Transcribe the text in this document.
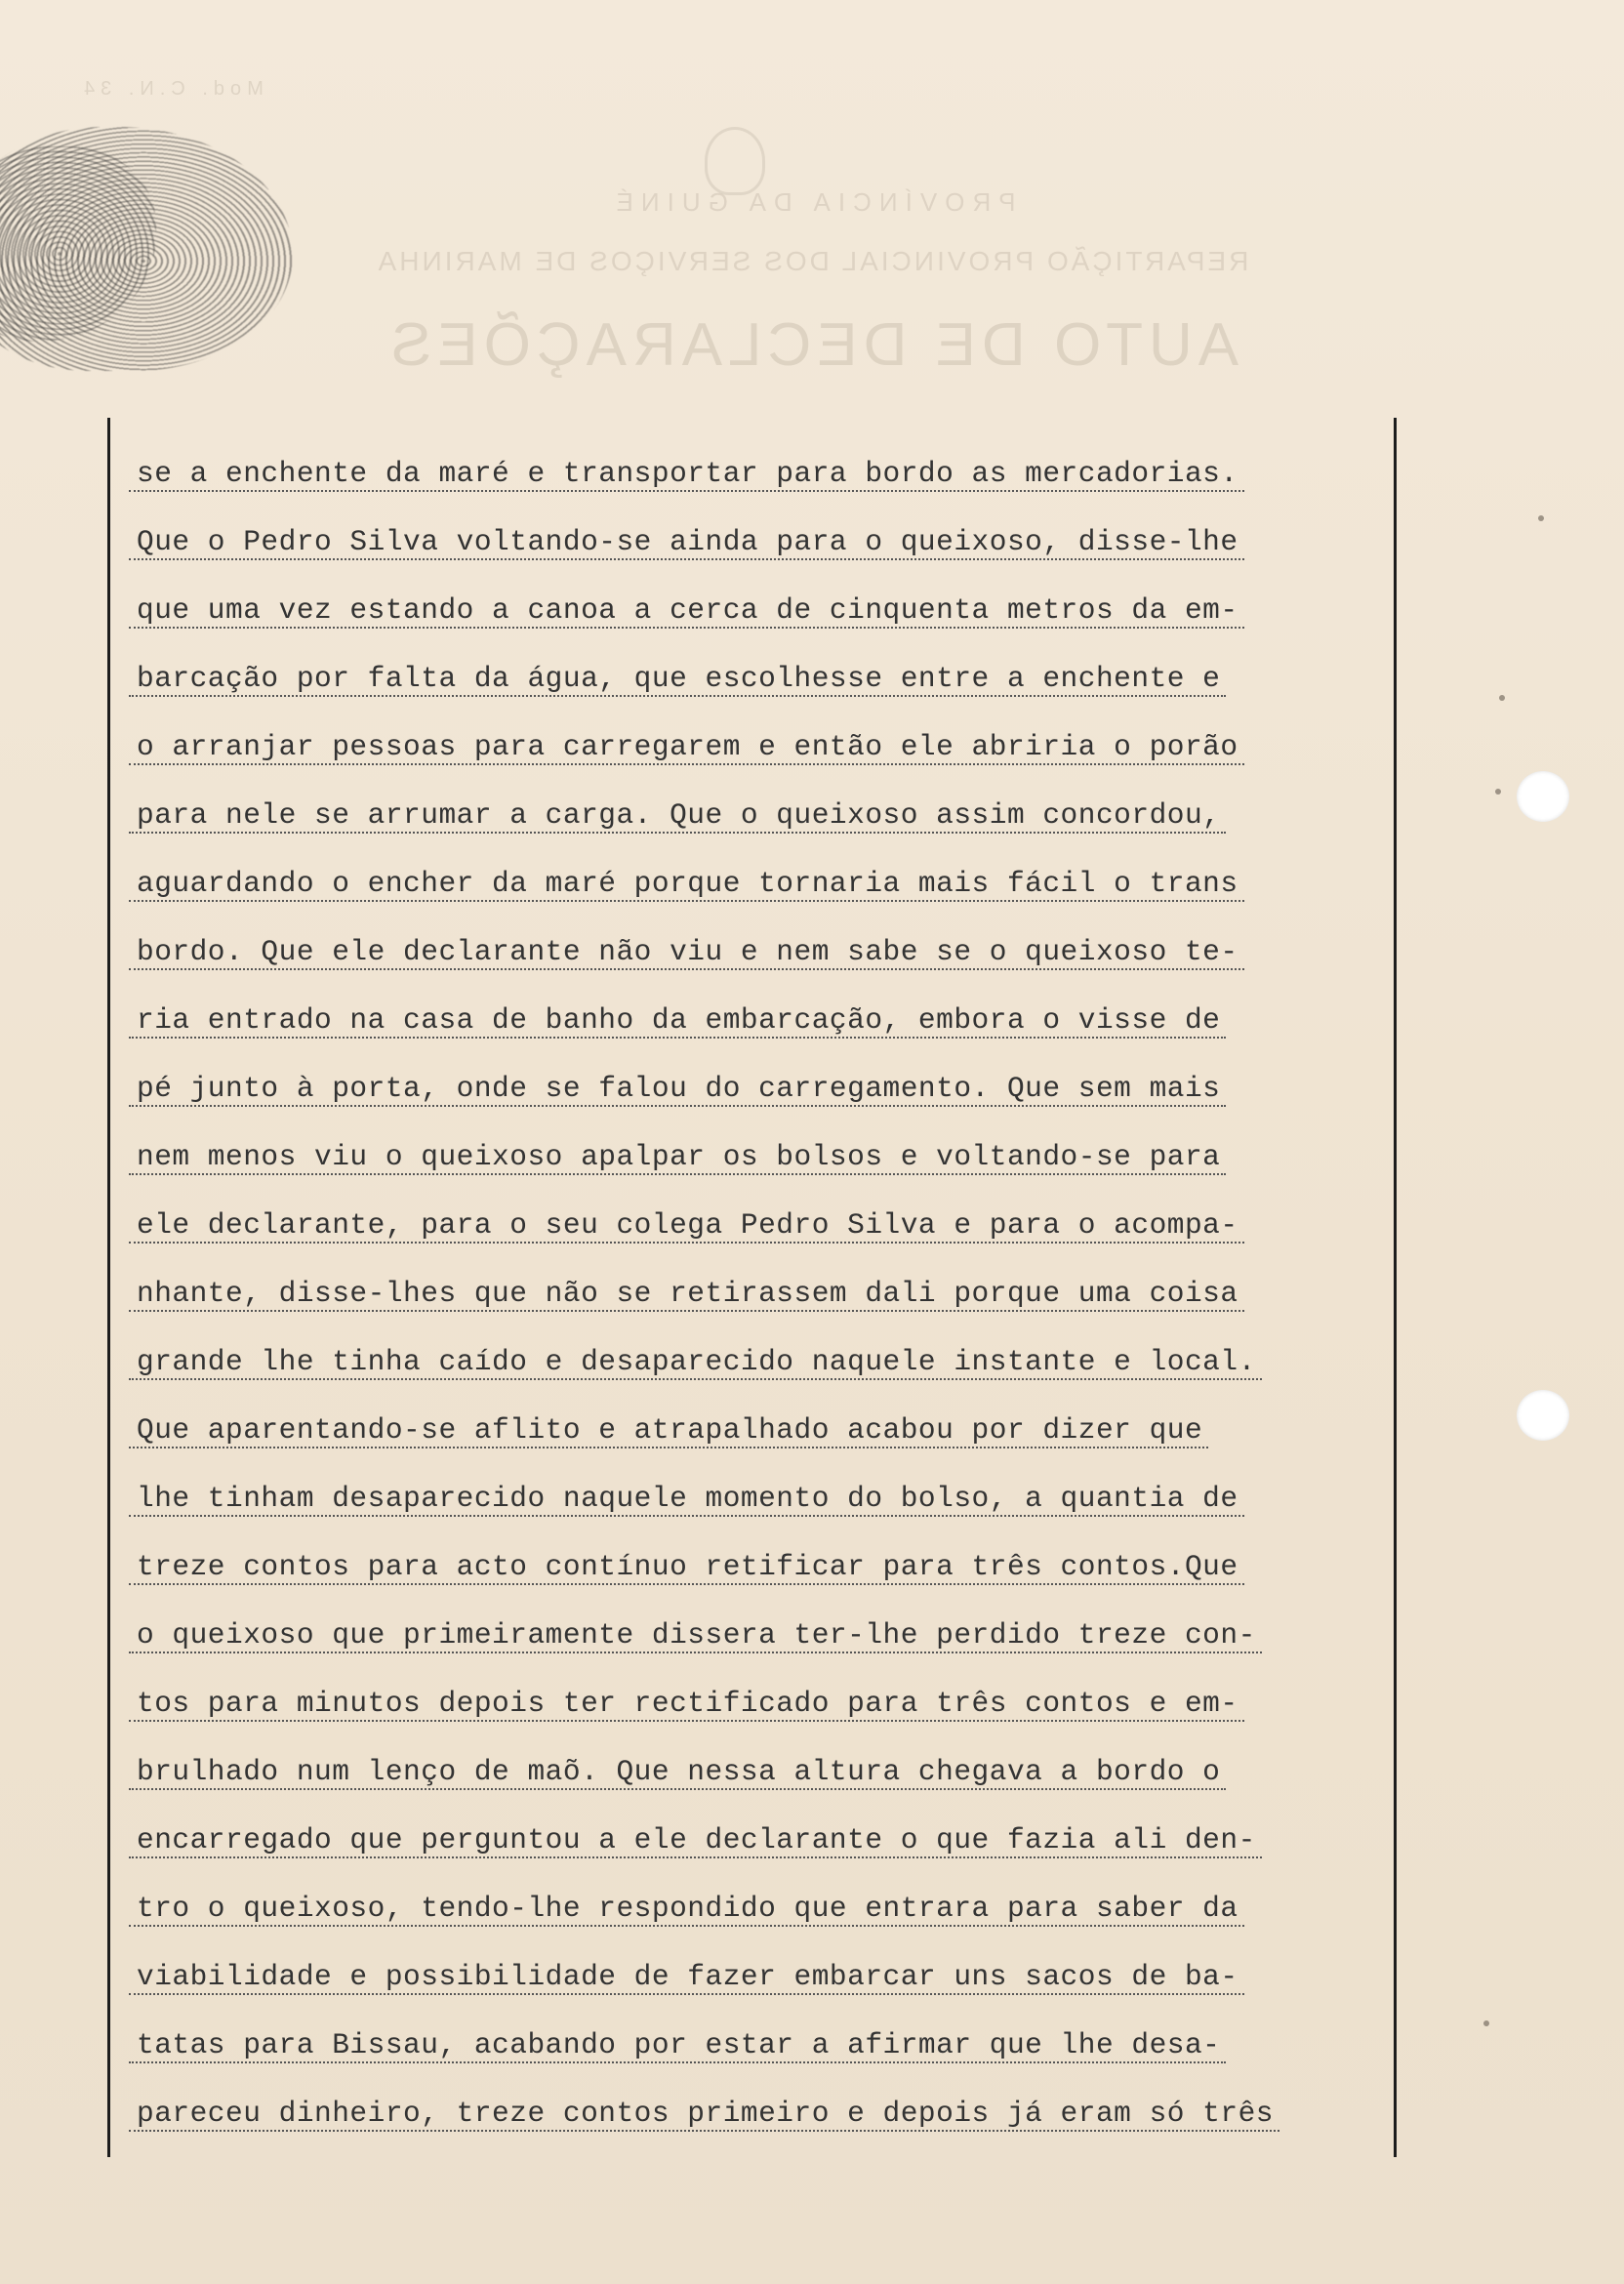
Mod. C.N. 34
PROVÍNCIA DA GUINÉ
REPARTIÇÃO PROVINCIAL DOS SERVIÇOS DE MARINHA
AUTO DE DECLARAÇÕES
se a enchente da maré e transportar para bordo as mercadorias.
Que o Pedro Silva voltando-se ainda para o queixoso, disse-lhe
que uma vez estando a canoa a cerca de cinquenta metros da em-
barcação por falta da água, que escolhesse entre a enchente e
o arranjar pessoas para carregarem e então ele abriria o porão
para nele se arrumar a carga. Que o queixoso assim concordou,
aguardando o encher da maré porque tornaria mais fácil o trans
bordo. Que ele declarante não viu e nem sabe se o queixoso te-
ria entrado na casa de banho da embarcação, embora o visse de
pé junto à porta, onde se falou do carregamento. Que sem mais
nem menos viu o queixoso apalpar os bolsos e voltando-se para
ele declarante, para o seu colega Pedro Silva e para o acompa-
nhante, disse-lhes que não se retirassem dali porque uma coisa
grande lhe tinha caído e desaparecido naquele instante e local.
Que aparentando-se aflito e atrapalhado acabou por dizer que
lhe tinham desaparecido naquele momento do bolso, a quantia de
treze contos para acto contínuo retificar para três contos.Que
o queixoso que primeiramente dissera ter-lhe perdido treze con-
tos para minutos depois ter rectificado para três contos e em-
brulhado num lenço de maõ. Que nessa altura chegava a bordo o
encarregado que perguntou a ele declarante o que fazia ali den-
tro o queixoso, tendo-lhe respondido que entrara para saber da
viabilidade e possibilidade de fazer embarcar uns sacos de ba-
tatas para Bissau, acabando por estar a afirmar que lhe desa-
pareceu dinheiro, treze contos primeiro e depois já eram só três
